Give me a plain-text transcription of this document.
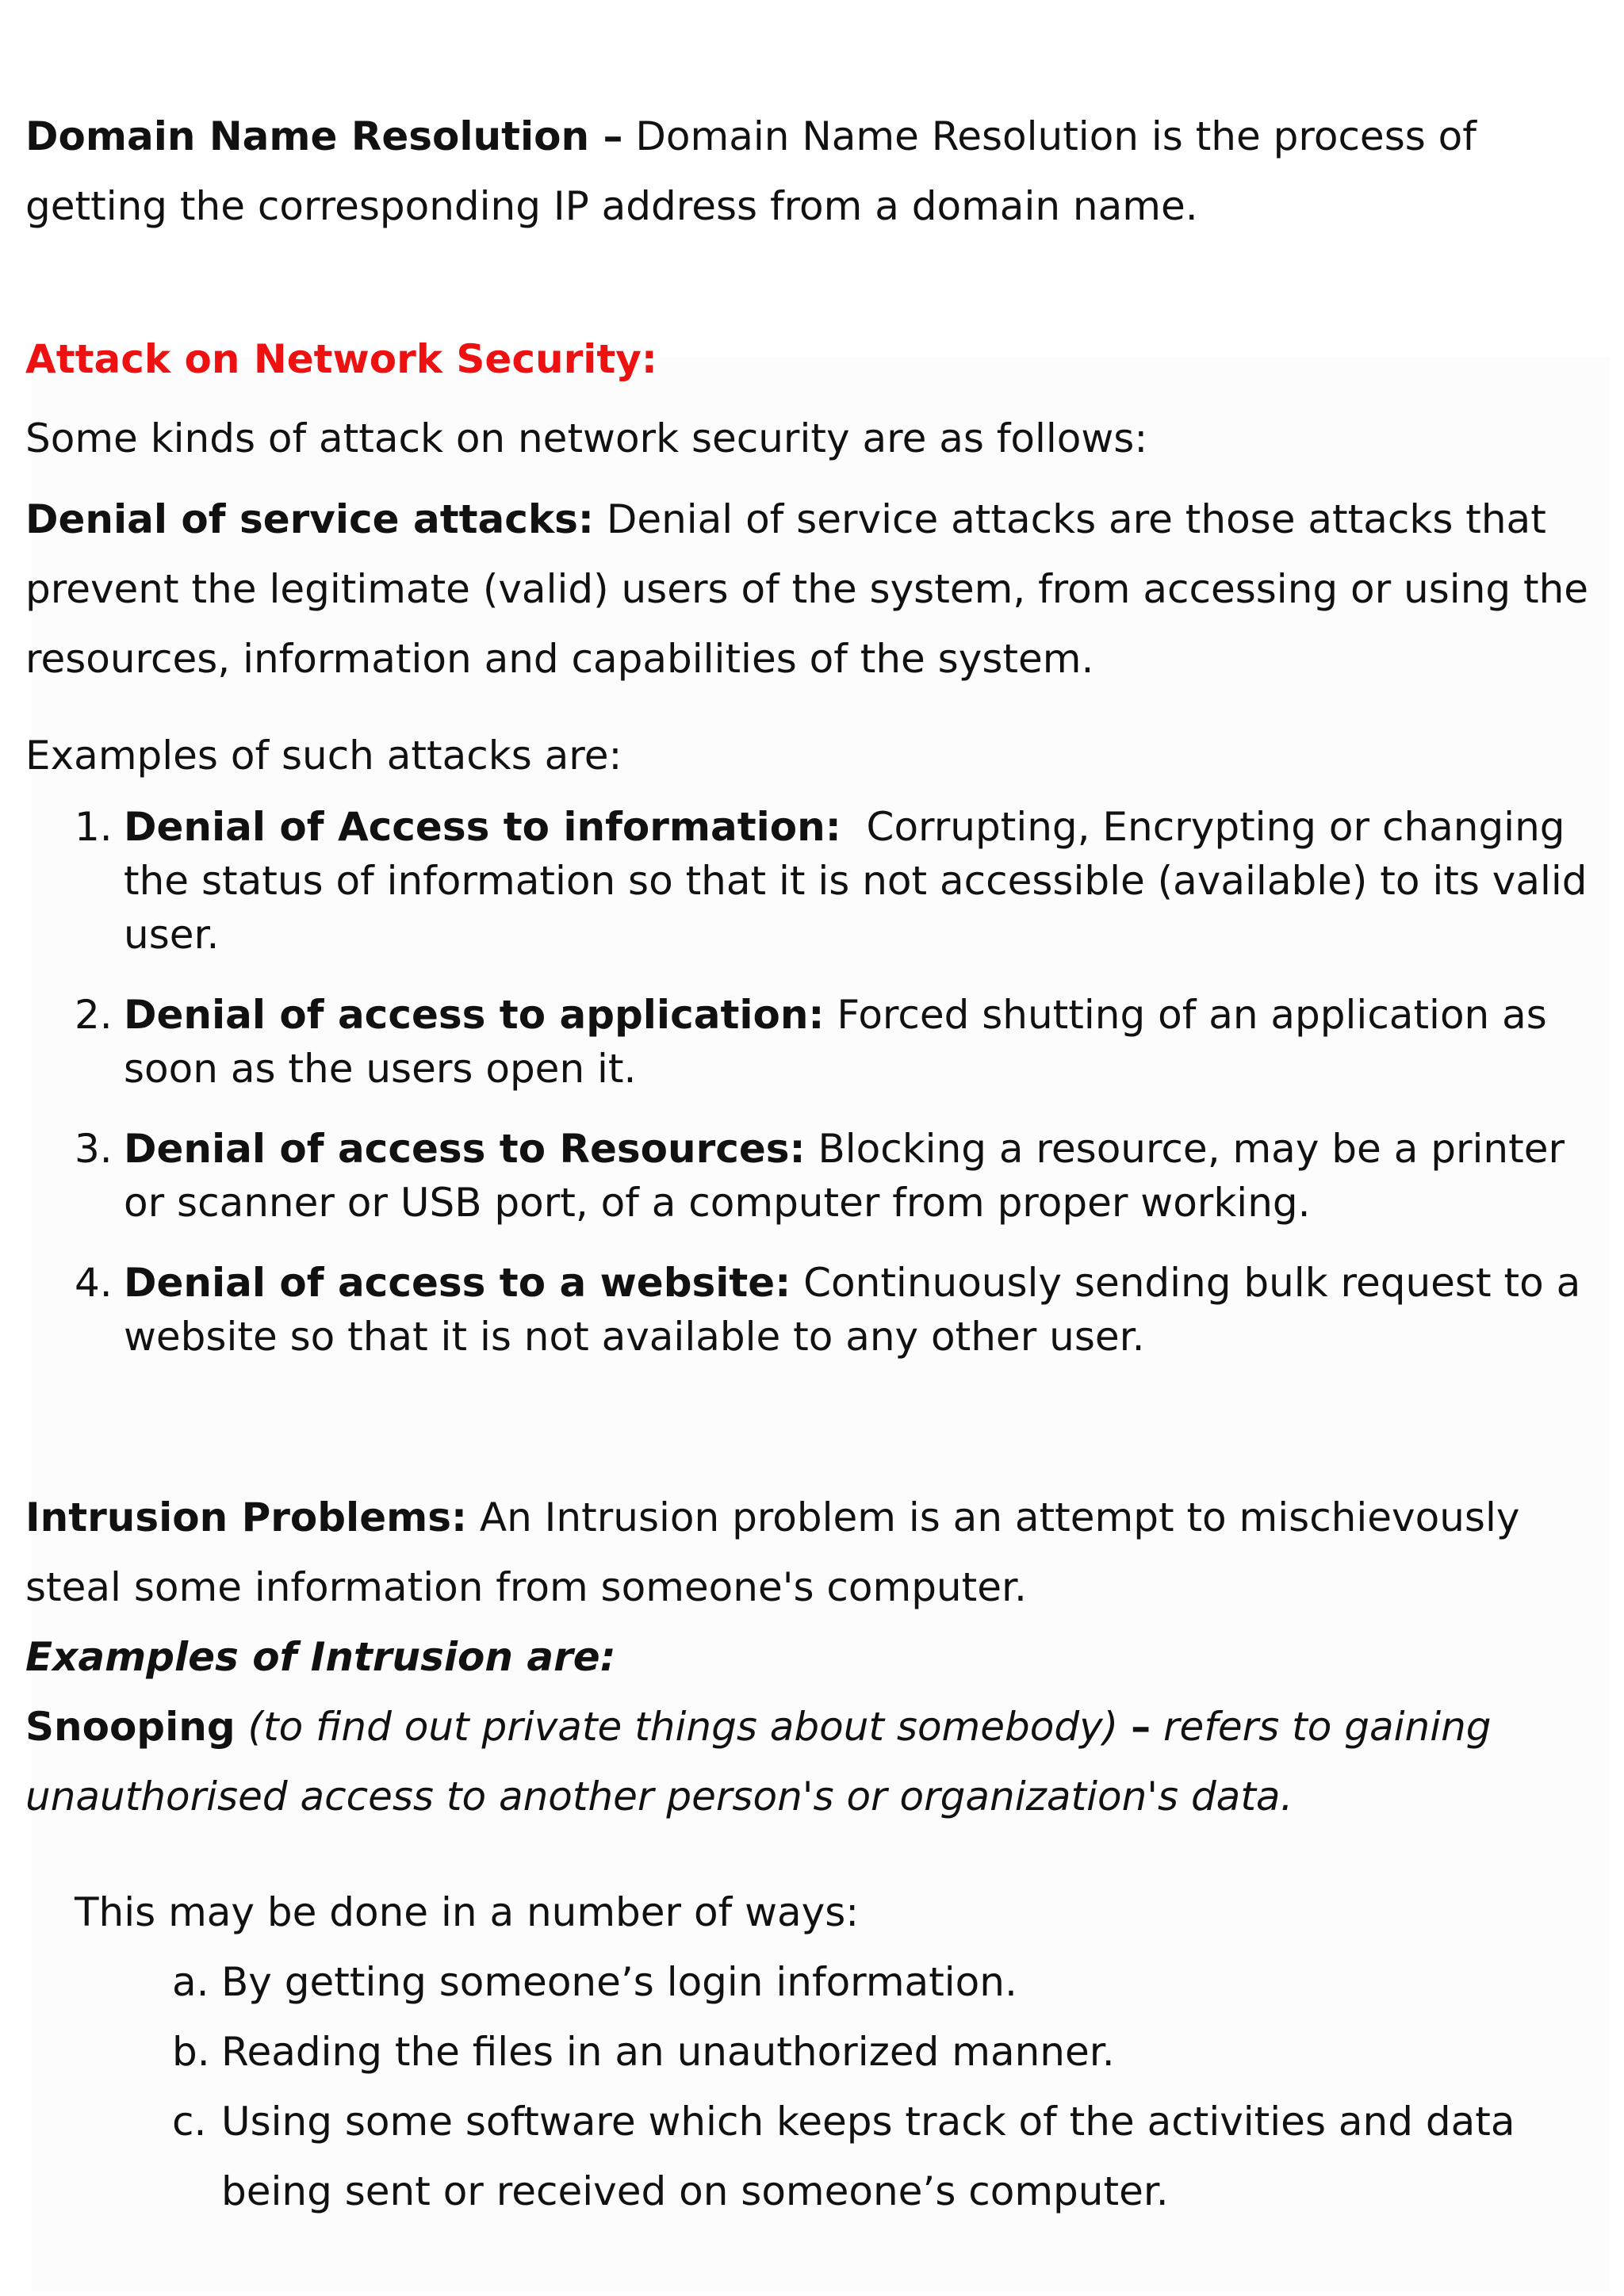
Domain Name Resolution – Domain Name Resolution is the process of getting the corresponding IP address from a domain name.

Attack on Network Security:

Some kinds of attack on network security are as follows:

Denial of service attacks: Denial of service attacks are those attacks that prevent the legitimate (valid) users of the system, from accessing or using the resources, information and capabilities of the system.

Examples of such attacks are:

1. Denial of Access to information: Corrupting, Encrypting or changing the status of information so that it is not accessible (available) to its valid user.
2. Denial of access to application: Forced shutting of an application as soon as the users open it.
3. Denial of access to Resources: Blocking a resource, may be a printer or scanner or USB port, of a computer from proper working.
4. Denial of access to a website: Continuously sending bulk request to a website so that it is not available to any other user.

Intrusion Problems: An Intrusion problem is an attempt to mischievously steal some information from someone's computer.

Examples of Intrusion are:

Snooping (to find out private things about somebody) – refers to gaining unauthorised access to another person's or organization's data.

This may be done in a number of ways:

a. By getting someone’s login information.
b. Reading the files in an unauthorized manner.
c. Using some software which keeps track of the activities and data being sent or received on someone’s computer.
